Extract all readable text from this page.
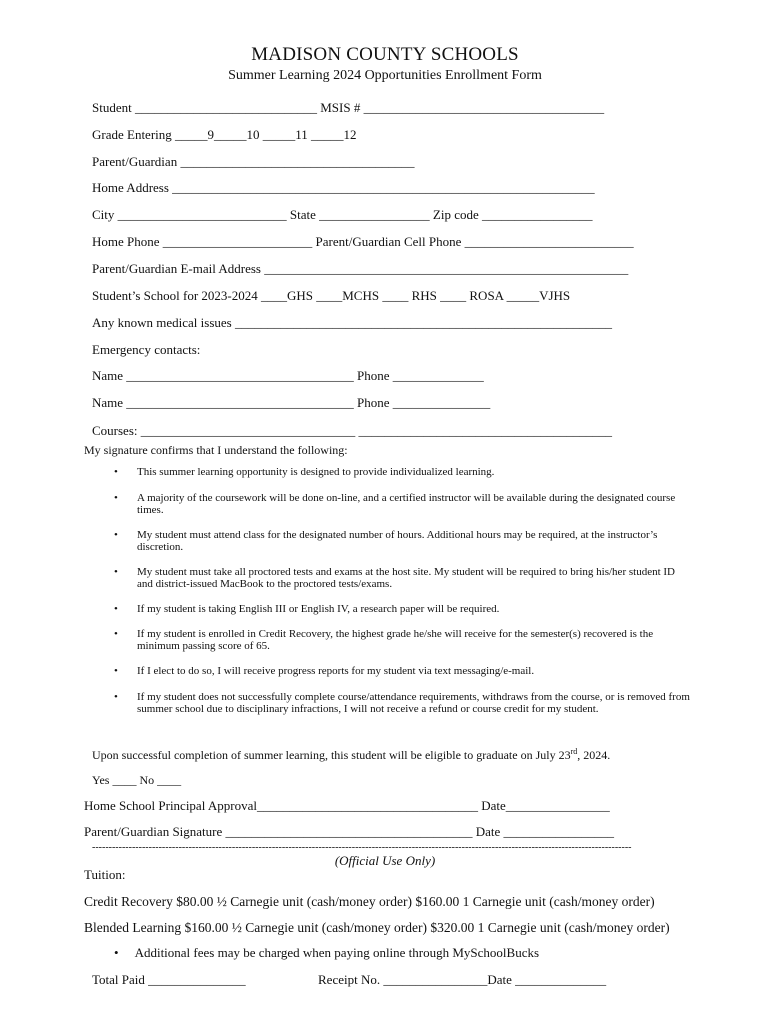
MADISON COUNTY SCHOOLS
Summer Learning 2024 Opportunities Enrollment Form
Student ____________________________ MSIS # _____________________________________
Grade Entering _____9_____10 _____11 _____12
Parent/Guardian ____________________________________
Home Address _________________________________________________________________
City __________________________ State _________________ Zip code _________________
Home Phone _______________________ Parent/Guardian Cell Phone __________________________
Parent/Guardian E-mail Address ________________________________________________________
Student’s School for 2023-2024 ____GHS ____MCHS ____ RHS ____ ROSA _____VJHS
Any known medical issues __________________________________________________________
Emergency contacts:
Name ___________________________________ Phone ______________
Name ___________________________________ Phone _______________
Courses: _________________________________ _______________________________________
My signature confirms that I understand the following:
• This summer learning opportunity is designed to provide individualized learning.
• A majority of the coursework will be done on-line, and a certified instructor will be available during the designated course times.
• My student must attend class for the designated number of hours. Additional hours may be required, at the instructor’s discretion.
• My student must take all proctored tests and exams at the host site. My student will be required to bring his/her student ID and district-issued MacBook to the proctored tests/exams.
• If my student is taking English III or English IV, a research paper will be required.
• If my student is enrolled in Credit Recovery, the highest grade he/she will receive for the semester(s) recovered is the minimum passing score of 65.
• If I elect to do so, I will receive progress reports for my student via text messaging/e-mail.
• If my student does not successfully complete course/attendance requirements, withdraws from the course, or is removed from summer school due to disciplinary infractions, I will not receive a refund or course credit for my student.
Upon successful completion of summer learning, this student will be eligible to graduate on July 23rd, 2024.
Yes ____ No ____
Home School Principal Approval__________________________________ Date________________
Parent/Guardian Signature ______________________________________ Date _________________
------------------------------------------------------------------------------------------------------------------------------------------------------------------
(Official Use Only)
Tuition:
Credit Recovery $80.00 ½ Carnegie unit (cash/money order) $160.00 1 Carnegie unit (cash/money order)
Blended Learning $160.00 ½ Carnegie unit (cash/money order) $320.00 1 Carnegie unit (cash/money order)
• Additional fees may be charged when paying online through MySchoolBucks
Total Paid _______________	Receipt No. ________________Date ______________
